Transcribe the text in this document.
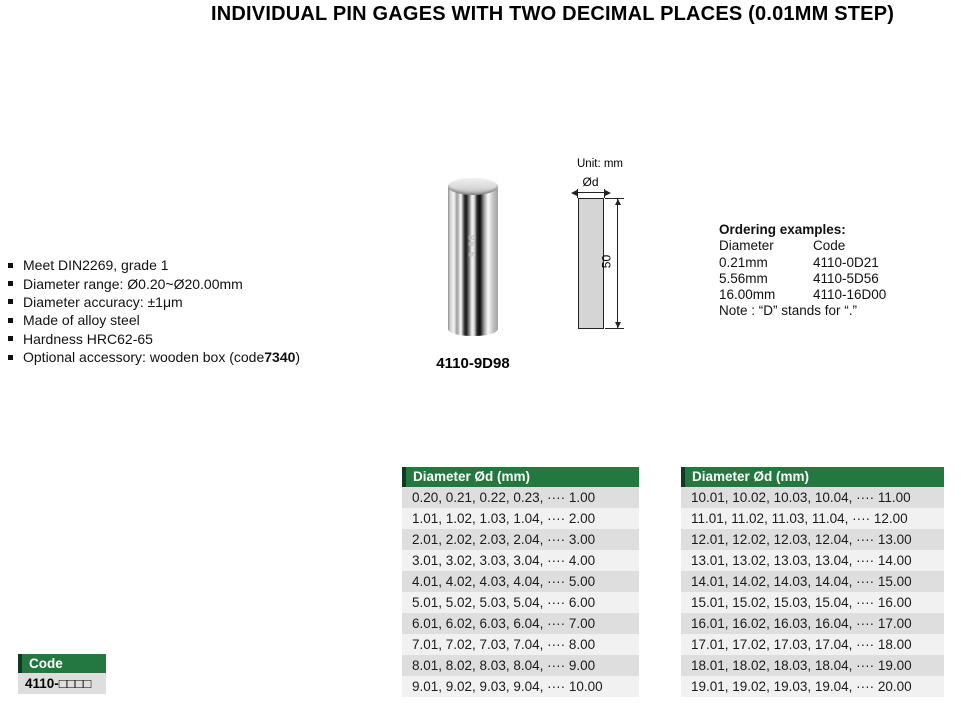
INDIVIDUAL PIN GAGES WITH TWO DECIMAL PLACES (0.01MM STEP)
Meet DIN2269, grade 1
Diameter range: Ø0.20~Ø20.00mm
Diameter accuracy: ±1μm
Made of alloy steel
Hardness HRC62-65
Optional accessory: wooden box (code 7340 )
9.98
4110-9D98
Unit: mm
Ød
50
Ordering examples:
Diameter	Code
0.21mm	4110-0D21
5.56mm	4110-5D56
16.00mm	4110-16D00
Note : “D” stands for “.”
Diameter Ød (mm)
0.20, 0.21, 0.22, 0.23, ···· 1.00
1.01, 1.02, 1.03, 1.04, ···· 2.00
2.01, 2.02, 2.03, 2.04, ···· 3.00
3.01, 3.02, 3.03, 3.04, ···· 4.00
4.01, 4.02, 4.03, 4.04, ···· 5.00
5.01, 5.02, 5.03, 5.04, ···· 6.00
6.01, 6.02, 6.03, 6.04, ···· 7.00
7.01, 7.02, 7.03, 7.04, ···· 8.00
8.01, 8.02, 8.03, 8.04, ···· 9.00
9.01, 9.02, 9.03, 9.04, ···· 10.00
Diameter Ød (mm)
10.01, 10.02, 10.03, 10.04, ···· 11.00
11.01, 11.02, 11.03, 11.04, ···· 12.00
12.01, 12.02, 12.03, 12.04, ···· 13.00
13.01, 13.02, 13.03, 13.04, ···· 14.00
14.01, 14.02, 14.03, 14.04, ···· 15.00
15.01, 15.02, 15.03, 15.04, ···· 16.00
16.01, 16.02, 16.03, 16.04, ···· 17.00
17.01, 17.02, 17.03, 17.04, ···· 18.00
18.01, 18.02, 18.03, 18.04, ···· 19.00
19.01, 19.02, 19.03, 19.04, ···· 20.00
Code
4110-□□□□
